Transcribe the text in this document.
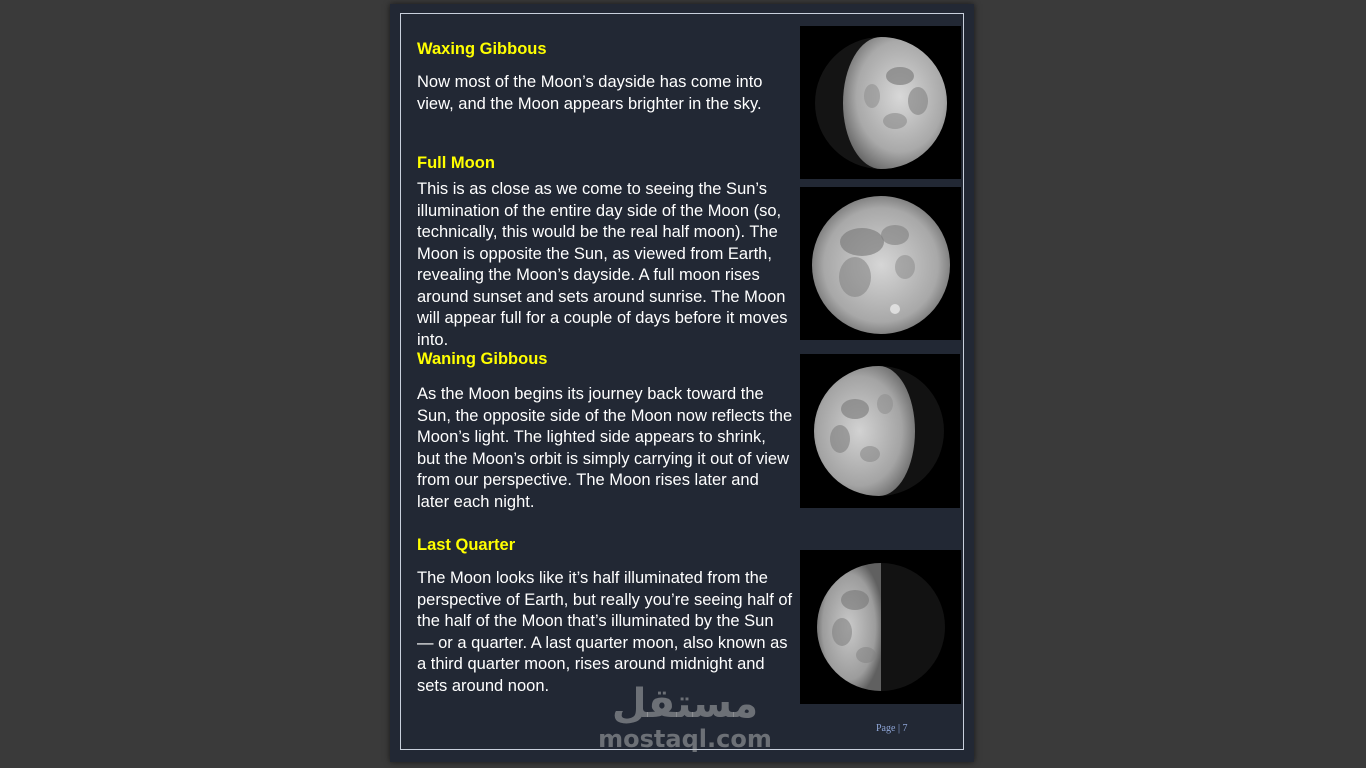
Waxing Gibbous

Now most of the Moon’s dayside has come into view, and the Moon appears brighter in the sky.

Full Moon

This is as close as we come to seeing the Sun’s illumination of the entire day side of the Moon (so, technically, this would be the real half moon). The Moon is opposite the Sun, as viewed from Earth, revealing the Moon’s dayside. A full moon rises around sunset and sets around sunrise. The Moon will appear full for a couple of days before it moves into.

Waning Gibbous

As the Moon begins its journey back toward the Sun, the opposite side of the Moon now reflects the Moon’s light. The lighted side appears to shrink, but the Moon’s orbit is simply carrying it out of view from our perspective. The Moon rises later and later each night.

Last Quarter

The Moon looks like it’s half illuminated from the perspective of Earth, but really you’re seeing half of the half of the Moon that’s illuminated by the Sun — or a quarter. A last quarter moon, also known as a third quarter moon, rises around midnight and sets around noon.

Page | 7
مستقل
mostaql.com
